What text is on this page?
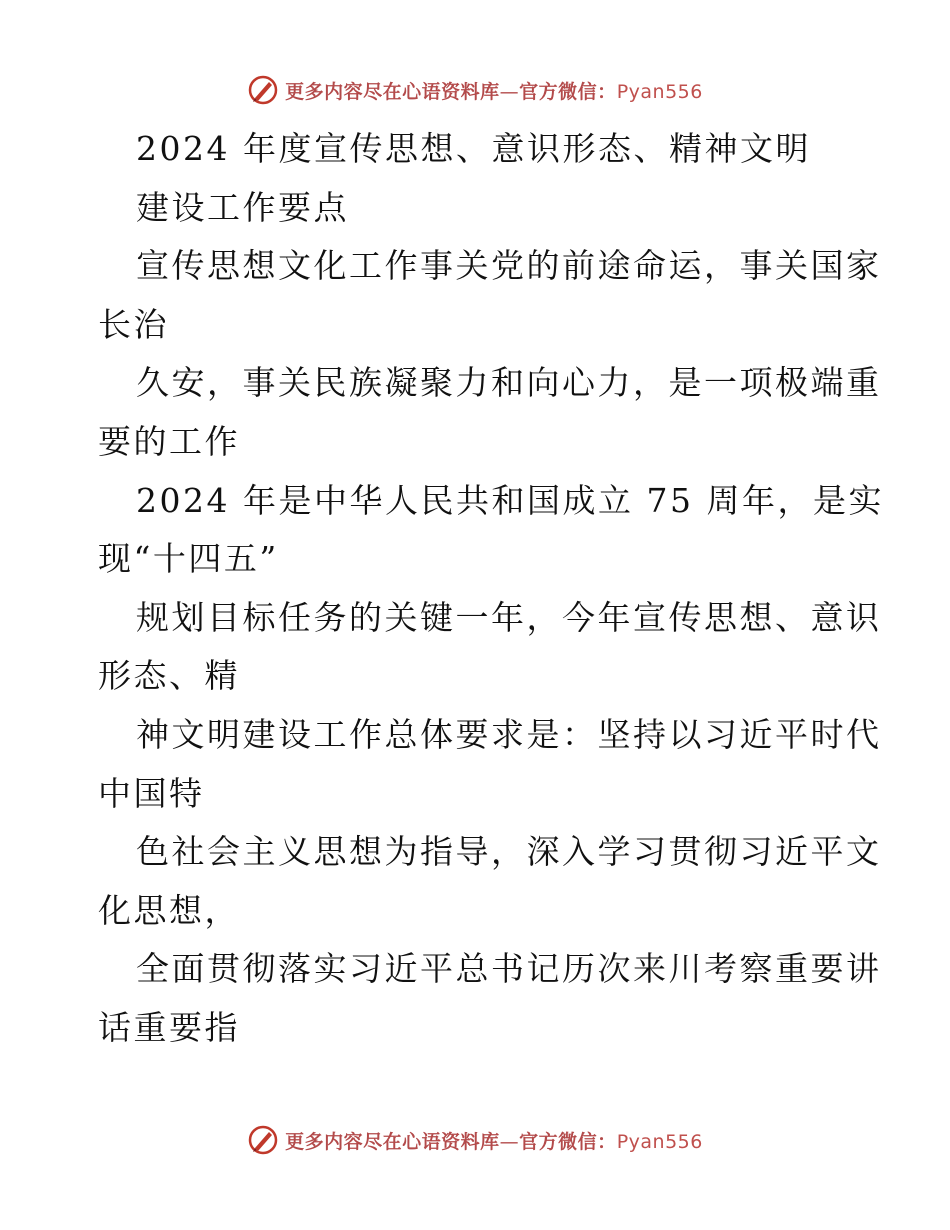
更多内容尽在心语资料库—官方微信：Pyan556
2024 年度宣传思想、意识形态、精神文明
建设工作要点
宣传思想文化工作事关党的前途命运，事关国家
长治
久安，事关民族凝聚力和向心力，是一项极端重
要的工作
2024 年是中华人民共和国成立 75 周年，是实
现“十四五”
规划目标任务的关键一年，今年宣传思想、意识
形态、精
神文明建设工作总体要求是：坚持以习近平时代
中国特
色社会主义思想为指导，深入学习贯彻习近平文
化思想，
全面贯彻落实习近平总书记历次来川考察重要讲
话重要指
更多内容尽在心语资料库—官方微信：Pyan556
